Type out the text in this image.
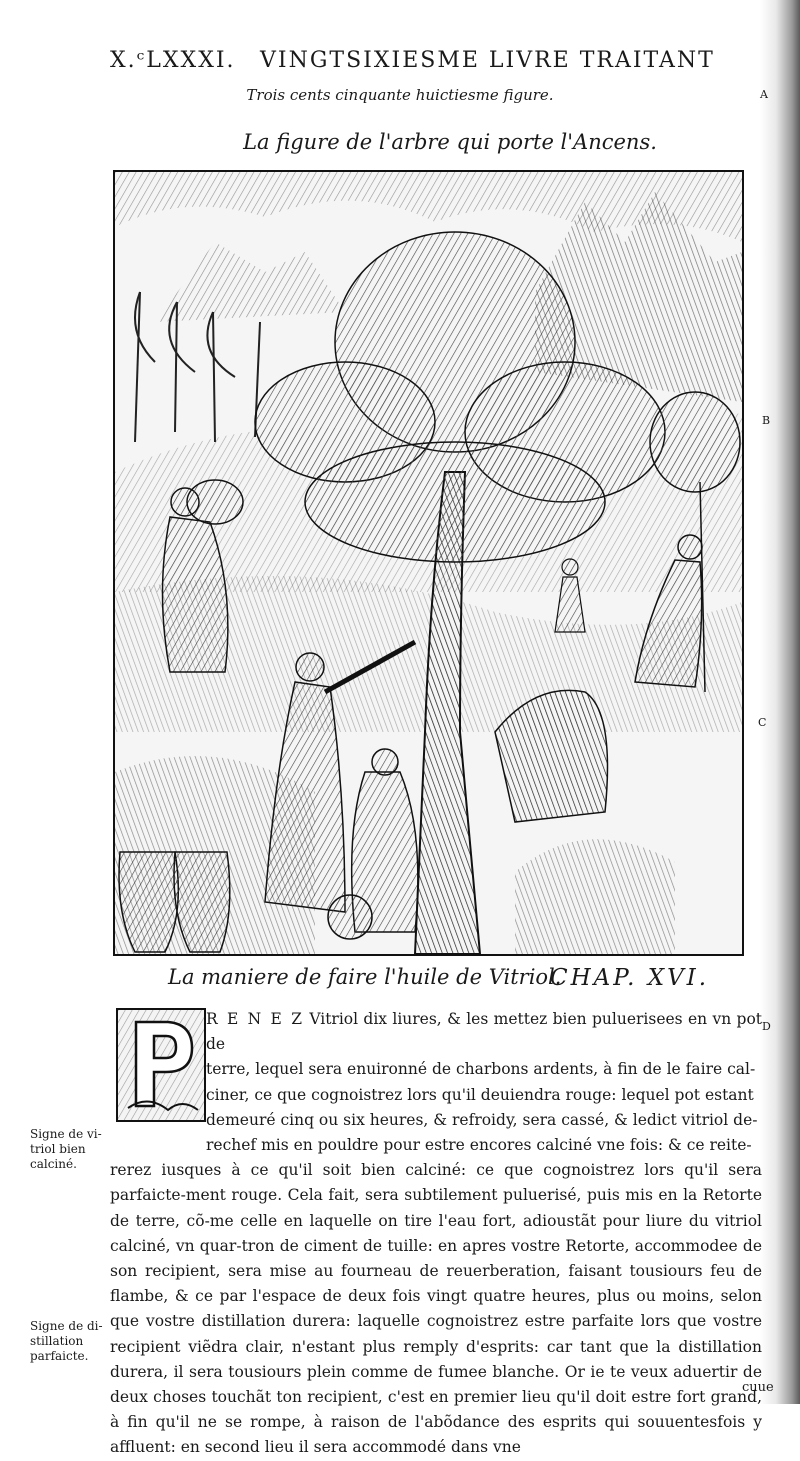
X.ᶜLXXXI. VINGTSIXIESME LIVRE TRAITANT
Trois cents cinquante huictiesme figure.
La figure de l'arbre qui porte l'Ancens.
A
B
C
D
La maniere de faire l'huile de Vitriol.
CHAP. XVI.

R E N E Z Vitriol dix liures, & les mettez bien puluerisees en vn pot de
terre, lequel sera enuironné de charbons ardents, à fin de le faire cal-
ciner, ce que cognoistrez lors qu'il deuiendra rouge: lequel pot estant
demeuré cinq ou six heures, & refroidy, sera cassé, & ledict vitriol de-
rechef mis en pouldre pour estre encores calciné vne fois: & ce reite-
rerez iusques à ce qu'il soit bien calciné: ce que cognoistrez lors qu'il sera parfaicte-ment rouge. Cela fait, sera subtilement puluerisé, puis mis en la Retorte de terre, cõ-me celle en laquelle on tire l'eau fort, adioustãt pour liure du vitriol calciné, vn quar-tron de ciment de tuille: en apres vostre Retorte, accommodee de son recipient, sera mise au fourneau de reuerberation, faisant tousiours feu de flambe, & ce par l'espace de deux fois vingt quatre heures, plus ou moins, selon que vostre distillation durera: laquelle cognoistrez estre parfaite lors que vostre recipient viẽdra clair, n'estant plus remply d'esprits: car tant que la distillation durera, il sera tousiours plein comme de fumee blanche. Or ie te veux aduertir de deux choses touchãt ton recipient, c'est en premier lieu qu'il doit estre fort grand, à fin qu'il ne se rompe, à raison de l'abõdance des esprits qui souuentesfois y affluent: en second lieu il sera accommodé dans vne

Signe de vi-triol bien calciné.
Signe de di-stillation parfaicte.
cuue
